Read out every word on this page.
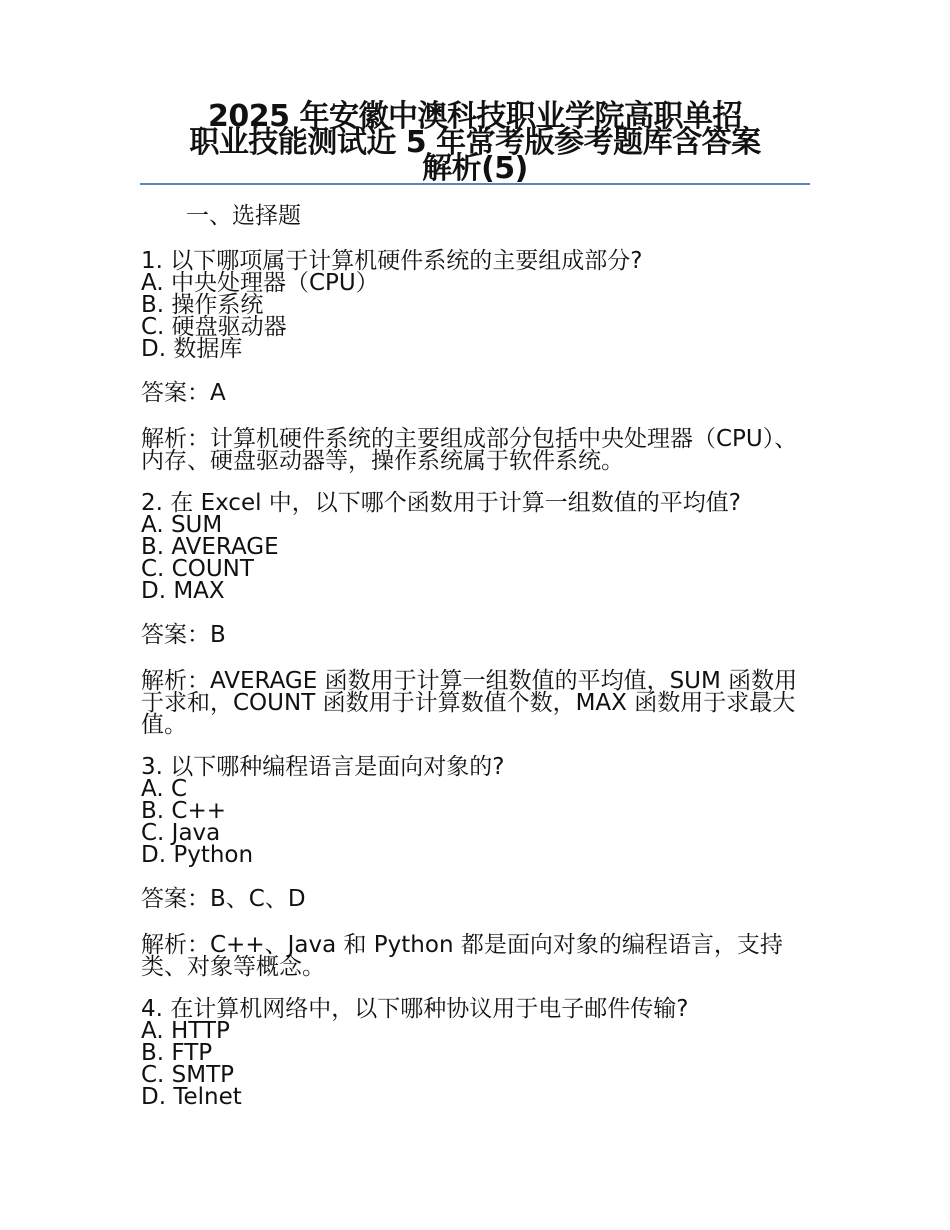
2025 年安徽中澳科技职业学院高职单招
职业技能测试近 5 年常考版参考题库含答案
解析(5)
一、选择题
1. 以下哪项属于计算机硬件系统的主要组成部分?
A. 中央处理器（CPU）
B. 操作系统
C. 硬盘驱动器
D. 数据库
答案：A
解析：计算机硬件系统的主要组成部分包括中央处理器（CPU）、内存、硬盘驱动器等，操作系统属于软件系统。
2. 在 Excel 中，以下哪个函数用于计算一组数值的平均值?
A. SUM
B. AVERAGE
C. COUNT
D. MAX
答案：B
解析：AVERAGE 函数用于计算一组数值的平均值，SUM 函数用于求和，COUNT 函数用于计算数值个数，MAX 函数用于求最大值。
3. 以下哪种编程语言是面向对象的?
A. C
B. C++
C. Java
D. Python
答案：B、C、D
解析：C++、Java 和 Python 都是面向对象的编程语言，支持类、对象等概念。
4. 在计算机网络中，以下哪种协议用于电子邮件传输?
A. HTTP
B. FTP
C. SMTP
D. Telnet
